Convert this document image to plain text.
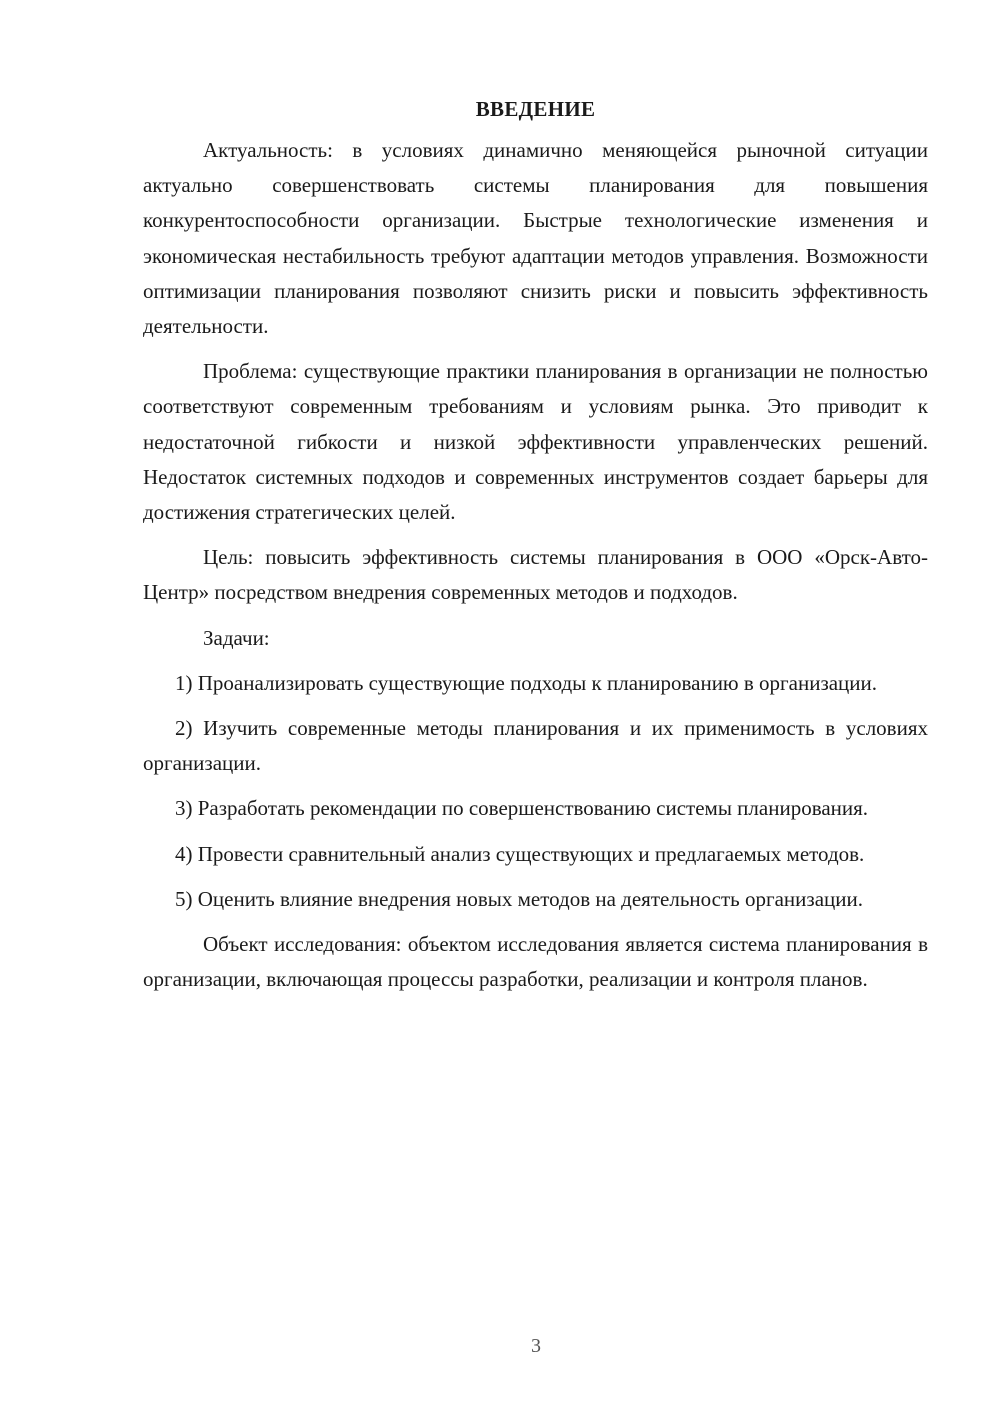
ВВЕДЕНИЕ

Актуальность: в условиях динамично меняющейся рыночной ситуации актуально совершенствовать системы планирования для повышения конкурентоспособности организации. Быстрые технологические изменения и экономическая нестабильность требуют адаптации методов управления. Возможности оптимизации планирования позволяют снизить риски и повысить эффективность деятельности.

Проблема: существующие практики планирования в организации не полностью соответствуют современным требованиям и условиям рынка. Это приводит к недостаточной гибкости и низкой эффективности управленческих решений. Недостаток системных подходов и современных инструментов создает барьеры для достижения стратегических целей.

Цель: повысить эффективность системы планирования в ООО «Орск-Авто-Центр» посредством внедрения современных методов и подходов.

Задачи:

1) Проанализировать существующие подходы к планированию в организации.

2) Изучить современные методы планирования и их применимость в условиях организации.

3) Разработать рекомендации по совершенствованию системы планирования.

4) Провести сравнительный анализ существующих и предлагаемых методов.

5) Оценить влияние внедрения новых методов на деятельность организации.

Объект исследования: объектом исследования является система планирования в организации, включающая процессы разработки, реализации и контроля планов.

3
